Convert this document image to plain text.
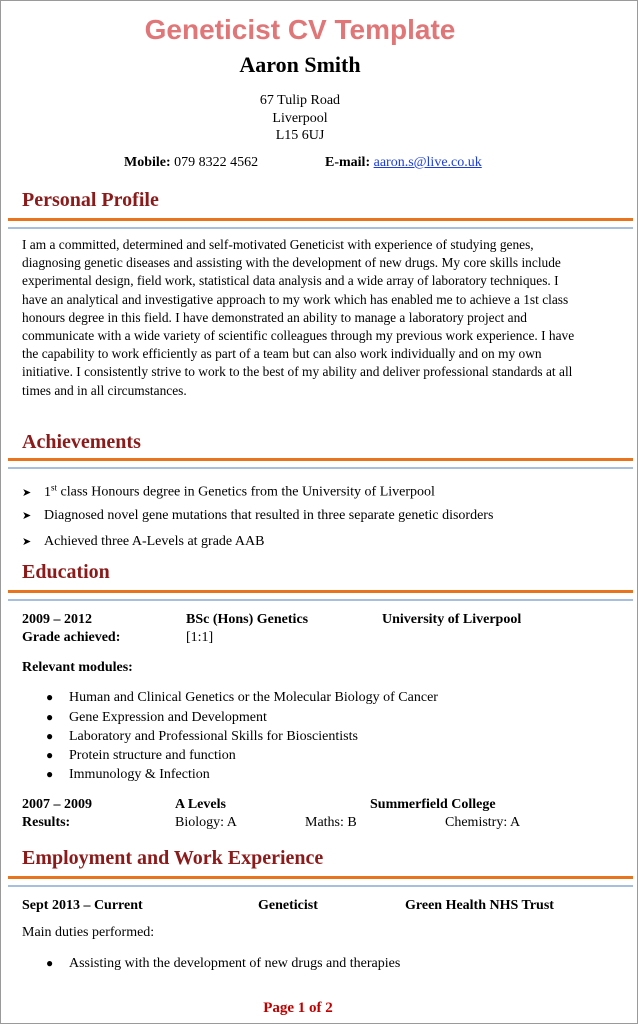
Geneticist CV Template
Aaron Smith
67 Tulip Road
Liverpool
L15 6UJ
Mobile: 079 8322 4562	E-mail: aaron.s@live.co.uk
Personal Profile
I am a committed, determined and self-motivated Geneticist with experience of studying genes, diagnosing genetic diseases and assisting with the development of new drugs. My core skills include experimental design, field work, statistical data analysis and a wide array of laboratory techniques. I have an analytical and investigative approach to my work which has enabled me to achieve a 1st class honours degree in this field. I have demonstrated an ability to manage a laboratory project and communicate with a wide variety of scientific colleagues through my previous work experience. I have the capability to work efficiently as part of a team but can also work individually and on my own initiative. I consistently strive to work to the best of my ability and deliver professional standards at all times and in all circumstances.
Achievements
➤ 1st class Honours degree in Genetics from the University of Liverpool
➤ Diagnosed novel gene mutations that resulted in three separate genetic disorders
➤ Achieved three A-Levels at grade AAB
Education
2009 – 2012	BSc (Hons) Genetics	University of Liverpool
Grade achieved:	[1:1]
Relevant modules:
● Human and Clinical Genetics or the Molecular Biology of Cancer
● Gene Expression and Development
● Laboratory and Professional Skills for Bioscientists
● Protein structure and function
● Immunology & Infection
2007 – 2009	A Levels	Summerfield College
Results:	Biology: A	Maths: B	Chemistry: A
Employment and Work Experience
Sept 2013 – Current	Geneticist	Green Health NHS Trust
Main duties performed:
● Assisting with the development of new drugs and therapies
Page 1 of 2
